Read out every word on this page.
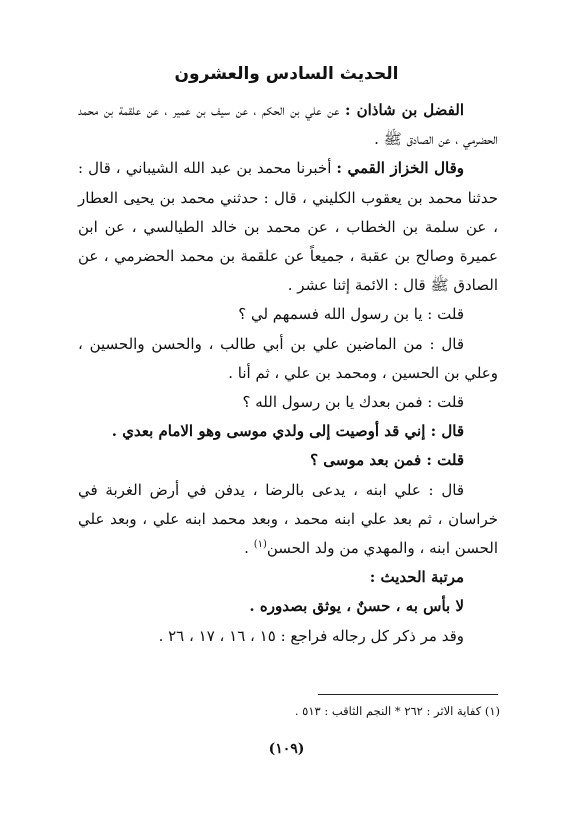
الحديث السادس والعشرون

الفضل بن شاذان : عن علي بن الحكم ، عن سيف بن عمير ، عن علقمة بن محمد الحضرمي ، عن الصادق ﷺ .

وقال الخزاز القمي : أخبرنا محمد بن عبد الله الشيباني ، قال : حدثنا محمد بن يعقوب الكليني ، قال : حدثني محمد بن يحيى العطار ، عن سلمة بن الخطاب ، عن محمد بن خالد الطيالسي ، عن ابن عميرة وصالح بن عقبة ، جميعاً عن علقمة بن محمد الحضرمي ، عن الصادق ﷺ قال : الائمة إثنا عشر .

قلت : يا بن رسول الله فسمهم لي ؟

قال : من الماضين علي بن أبي طالب ، والحسن والحسين ، وعلي بن الحسين ، ومحمد بن علي ، ثم أنا .

قلت : فمن بعدك يا بن رسول الله ؟

قال : إني قد أوصيت إلى ولدي موسى وهو الامام بعدي .

قلت : فمن بعد موسى ؟

قال : علي ابنه ، يدعى بالرضا ، يدفن في أرض الغربة في خراسان ، ثم بعد علي ابنه محمد ، وبعد محمد ابنه علي ، وبعد علي الحسن ابنه ، والمهدي من ولد الحسن$^{(١)}$ .

مرتبة الحديث :

لا بأس به ، حسنٌ ، يوثق بصدوره .

وقد مر ذكر كل رجاله فراجع : ١٥ ، ١٦ ، ١٧ ، ٢٦ .

(١) كفاية الاثر : ٢٦٢ * النجم الثاقب : ٥١٣ .
(١٠٩)
